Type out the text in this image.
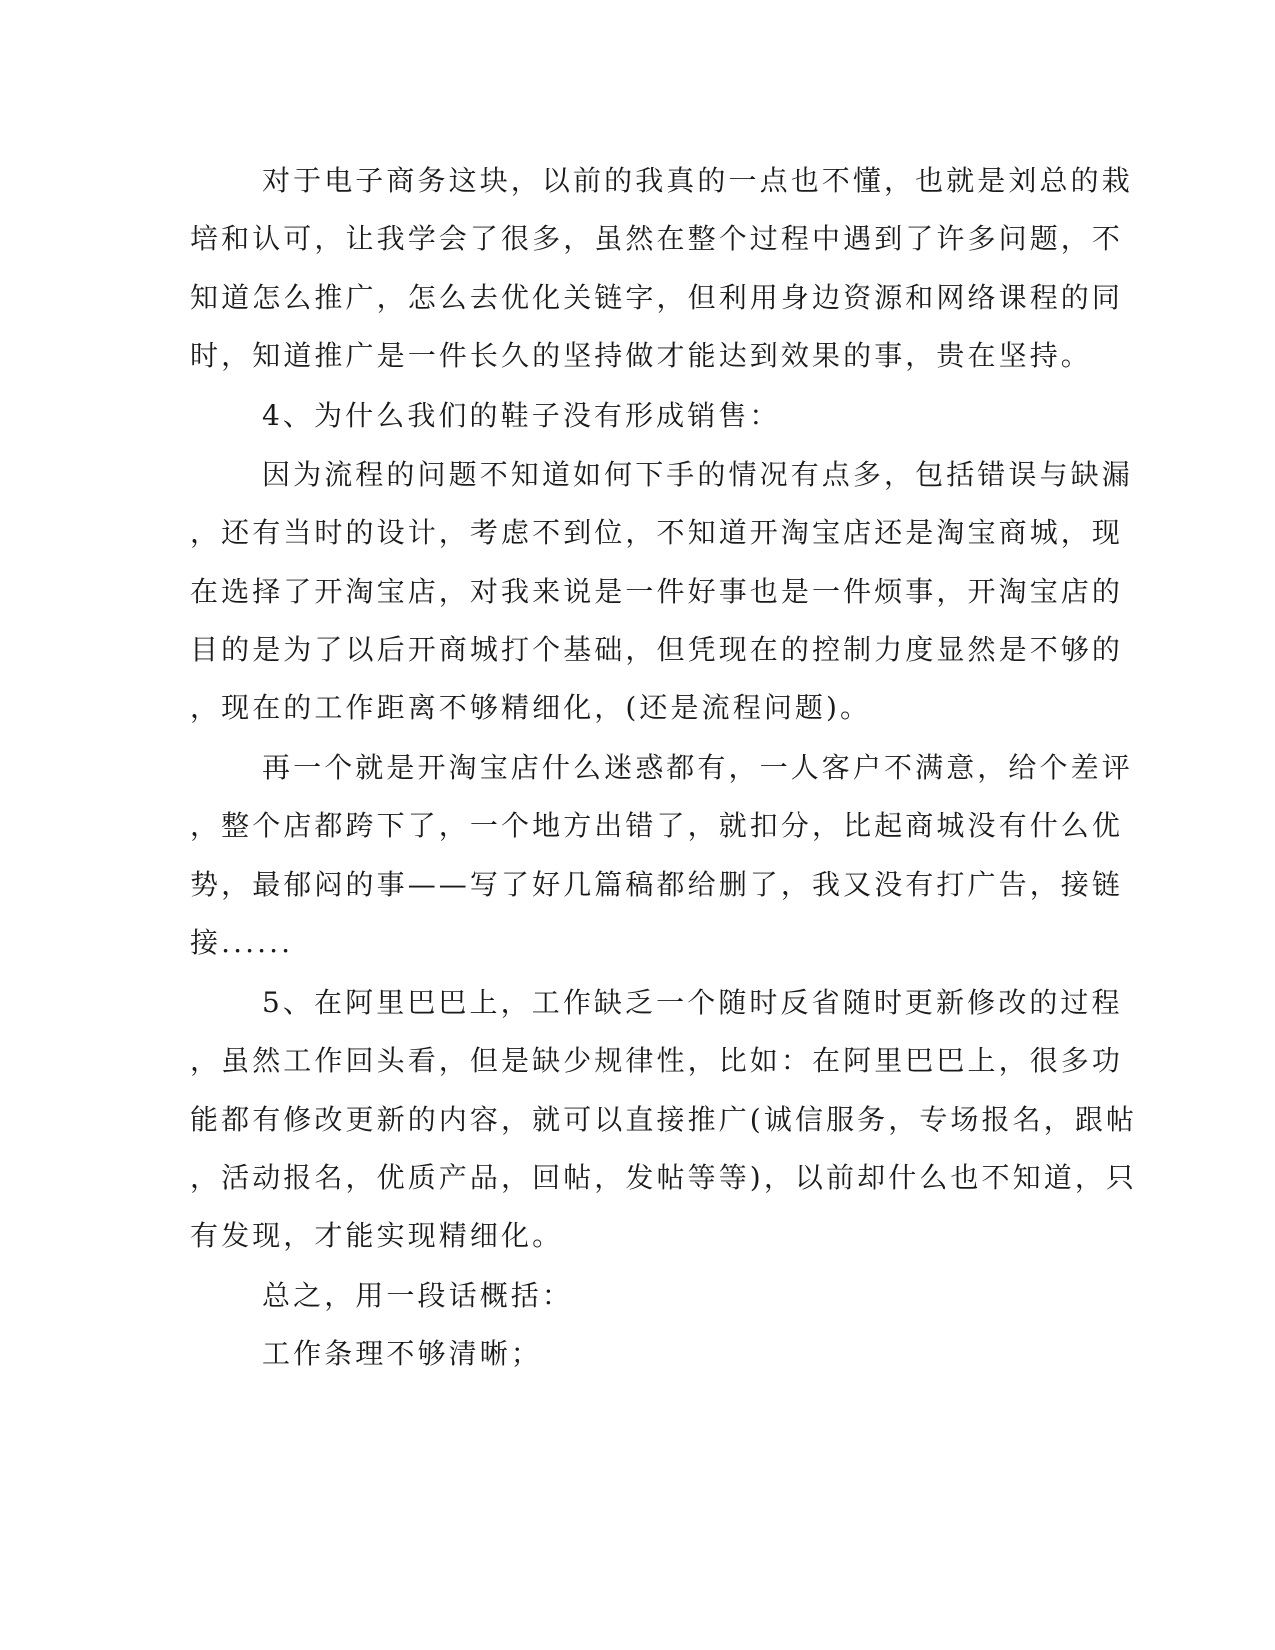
对于电子商务这块，以前的我真的一点也不懂，也就是刘总的栽
培和认可，让我学会了很多，虽然在整个过程中遇到了许多问题，不
知道怎么推广，怎么去优化关链字，但利用身边资源和网络课程的同
时，知道推广是一件长久的坚持做才能达到效果的事，贵在坚持。
4、为什么我们的鞋子没有形成销售：
因为流程的问题不知道如何下手的情况有点多，包括错误与缺漏
，还有当时的设计，考虑不到位，不知道开淘宝店还是淘宝商城，现
在选择了开淘宝店，对我来说是一件好事也是一件烦事，开淘宝店的
目的是为了以后开商城打个基础，但凭现在的控制力度显然是不够的
，现在的工作距离不够精细化，(还是流程问题)。
再一个就是开淘宝店什么迷惑都有，一人客户不满意，给个差评
，整个店都跨下了，一个地方出错了，就扣分，比起商城没有什么优
势，最郁闷的事——写了好几篇稿都给删了，我又没有打广告，接链
接......
5、在阿里巴巴上，工作缺乏一个随时反省随时更新修改的过程
，虽然工作回头看，但是缺少规律性，比如：在阿里巴巴上，很多功
能都有修改更新的内容，就可以直接推广(诚信服务，专场报名，跟帖
，活动报名，优质产品，回帖，发帖等等)，以前却什么也不知道，只
有发现，才能实现精细化。
总之，用一段话概括：
工作条理不够清晰；
